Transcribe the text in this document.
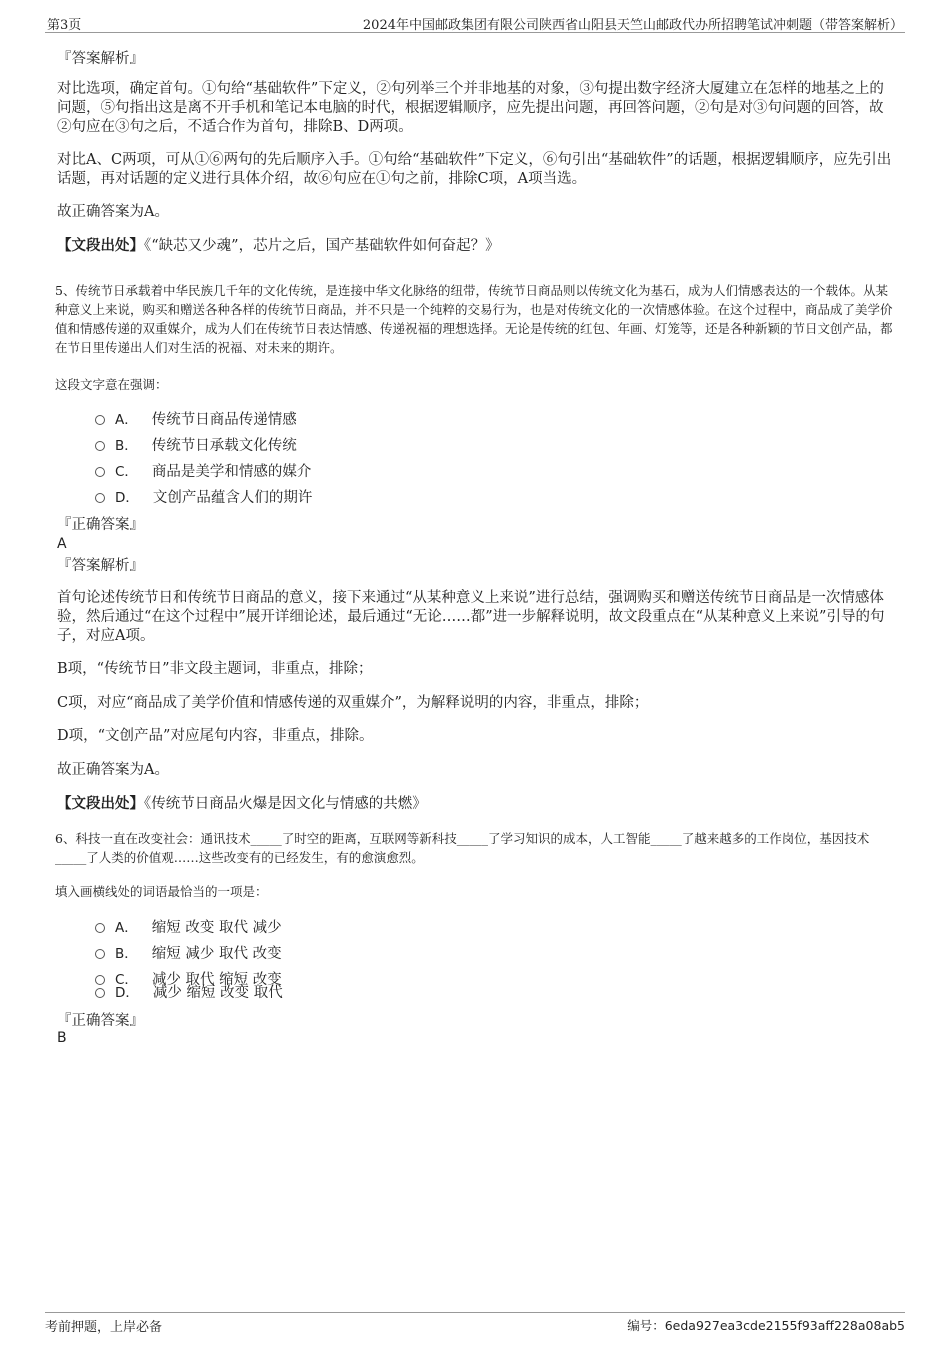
第3页	2024年中国邮政集团有限公司陕西省山阳县天竺山邮政代办所招聘笔试冲刺题（带答案解析）
『答案解析』
对比选项，确定首句。①句给“基础软件”下定义，②句列举三个并非地基的对象，③句提出数字经济大厦建立在怎样的地基之上的问题，⑤句指出这是离不开手机和笔记本电脑的时代，根据逻辑顺序，应先提出问题，再回答问题，②句是对③句问题的回答，故②句应在③句之后，不适合作为首句，排除B、D两项。
对比A、C两项，可从①⑥两句的先后顺序入手。①句给“基础软件”下定义，⑥句引出“基础软件”的话题，根据逻辑顺序，应先引出话题，再对话题的定义进行具体介绍，故⑥句应在①句之前，排除C项，A项当选。
故正确答案为A。
【文段出处】《“缺芯又少魂”，芯片之后，国产基础软件如何奋起？》
5、传统节日承载着中华民族几千年的文化传统，是连接中华文化脉络的纽带，传统节日商品则以传统文化为基石，成为人们情感表达的一个载体。从某种意义上来说，购买和赠送各种各样的传统节日商品，并不只是一个纯粹的交易行为，也是对传统文化的一次情感体验。在这个过程中，商品成了美学价值和情感传递的双重媒介，成为人们在传统节日表达情感、传递祝福的理想选择。无论是传统的红包、年画、灯笼等，还是各种新颖的节日文创产品，都在节日里传递出人们对生活的祝福、对未来的期许。
这段文字意在强调：
A． 传统节日商品传递情感
B． 传统节日承载文化传统
C． 商品是美学和情感的媒介
D． 文创产品蕴含人们的期许
『正确答案』
A
『答案解析』
首句论述传统节日和传统节日商品的意义，接下来通过“从某种意义上来说”进行总结，强调购买和赠送传统节日商品是一次情感体验，然后通过“在这个过程中”展开详细论述，最后通过“无论……都”进一步解释说明，故文段重点在“从某种意义上来说”引导的句子，对应A项。
B项，“传统节日”非文段主题词，非重点，排除；
C项，对应“商品成了美学价值和情感传递的双重媒介”，为解释说明的内容，非重点，排除；
D项，“文创产品”对应尾句内容，非重点，排除。
故正确答案为A。
【文段出处】《传统节日商品火爆是因文化与情感的共燃》
6、科技一直在改变社会：通讯技术_____了时空的距离，互联网等新科技_____了学习知识的成本，人工智能_____了越来越多的工作岗位，基因技术_____了人类的价值观……这些改变有的已经发生，有的愈演愈烈。
填入画横线处的词语最恰当的一项是：
A． 缩短 改变 取代 减少
B． 缩短 减少 取代 改变
C． 减少 取代 缩短 改变
D． 减少 缩短 改变 取代
『正确答案』
B
考前押题，上岸必备	编号：6eda927ea3cde2155f93aff228a08ab5
